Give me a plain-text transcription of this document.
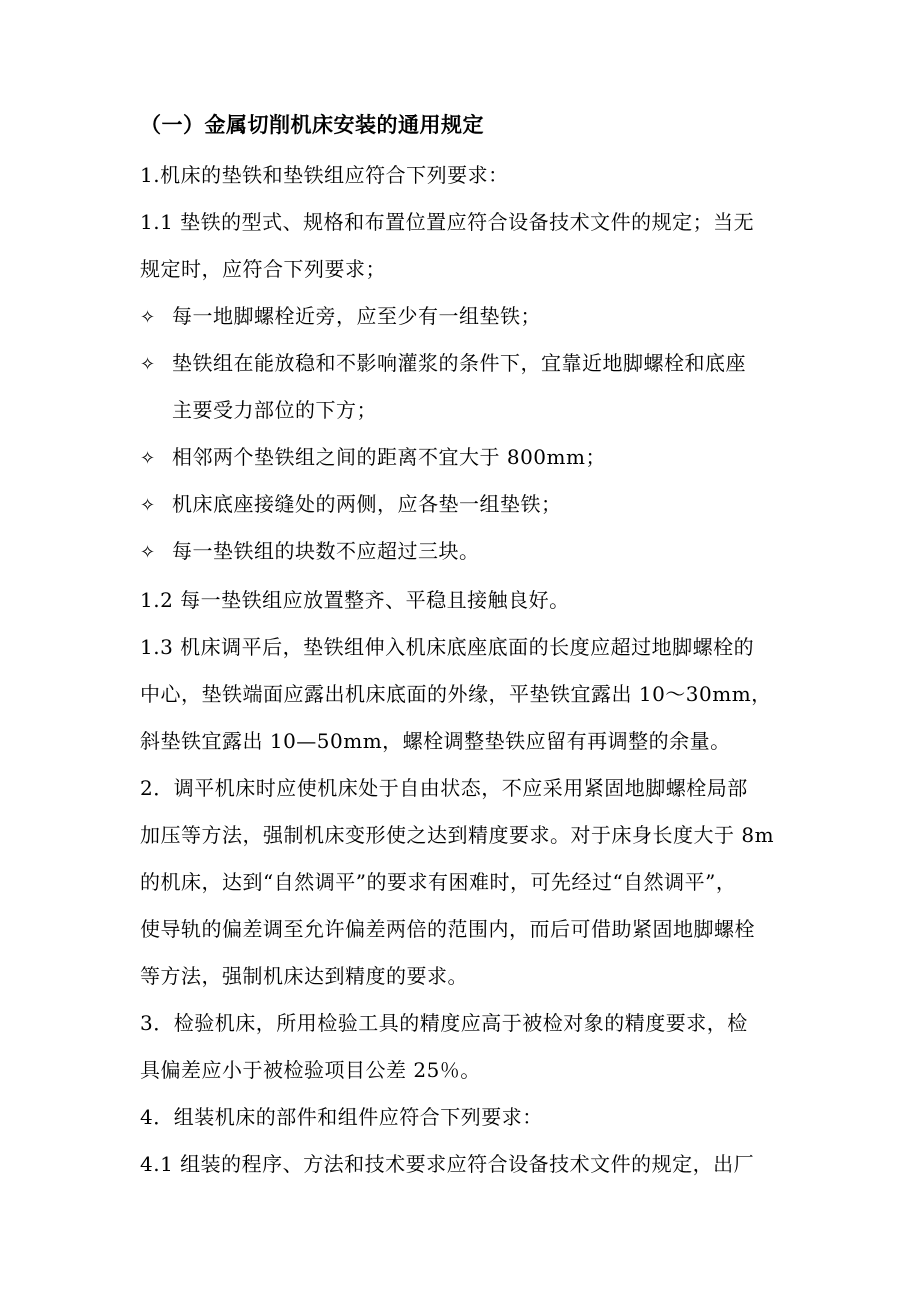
（一）金属切削机床安装的通用规定
1.机床的垫铁和垫铁组应符合下列要求：
1.1 垫铁的型式、规格和布置位置应符合设备技术文件的规定；当无
规定时，应符合下列要求；
✧ 每一地脚螺栓近旁，应至少有一组垫铁；
✧ 垫铁组在能放稳和不影响灌浆的条件下，宜靠近地脚螺栓和底座
主要受力部位的下方；
✧ 相邻两个垫铁组之间的距离不宜大于 800mm；
✧ 机床底座接缝处的两侧，应各垫一组垫铁；
✧ 每一垫铁组的块数不应超过三块。
1.2 每一垫铁组应放置整齐、平稳且接触良好。
1.3 机床调平后，垫铁组伸入机床底座底面的长度应超过地脚螺栓的
中心，垫铁端面应露出机床底面的外缘，平垫铁宜露出 10～30mm，
斜垫铁宜露出 10—50mm，螺栓调整垫铁应留有再调整的余量。
2．调平机床时应使机床处于自由状态，不应采用紧固地脚螺栓局部
加压等方法，强制机床变形使之达到精度要求。对于床身长度大于 8m
的机床，达到“自然调平”的要求有困难时，可先经过“自然调平”，
使导轨的偏差调至允许偏差两倍的范围内，而后可借助紧固地脚螺栓
等方法，强制机床达到精度的要求。
3．检验机床，所用检验工具的精度应高于被检对象的精度要求，检
具偏差应小于被检验项目公差 25％。
4．组装机床的部件和组件应符合下列要求：
4.1 组装的程序、方法和技术要求应符合设备技术文件的规定，出厂
